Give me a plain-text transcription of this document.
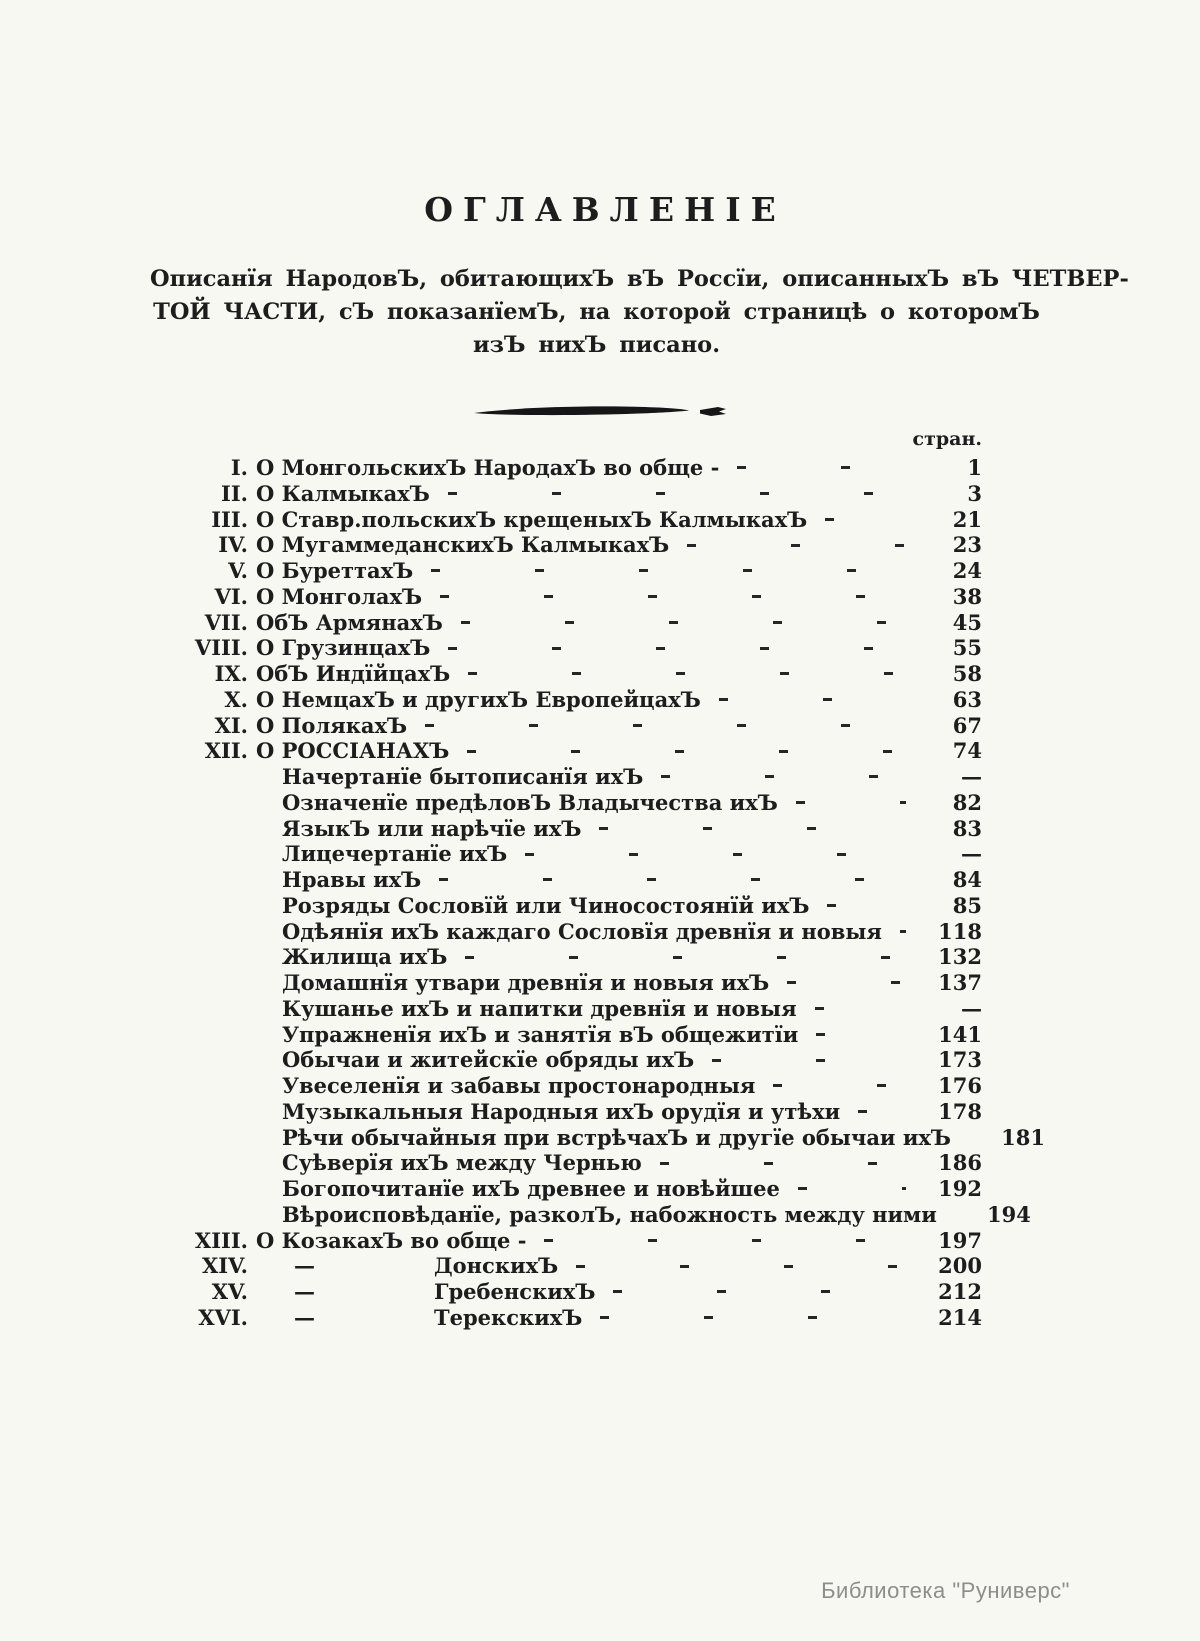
ОГЛАВЛЕНІЕ
Описанїя НародовЪ, обитающихЪ вЪ Россїи, описанныхЪ вЪ ЧЕТВЕР-
ТОЙ ЧАСТИ, сЪ показанїемЪ, на которой страницѣ о которомЪ
изЪ нихЪ писано.
стран.
I. О МонгольскихЪ НародахЪ во обще -	1
II. О КалмыкахЪ	3
III. О Ставр.польскихЪ крещеныхЪ КалмыкахЪ	21
IV. О МугаммеданскихЪ КалмыкахЪ	23
V. О БуреттахЪ	24
VI. О МонголахЪ	38
VII. ОбЪ АрмянахЪ	45
VIII. О ГрузинцахЪ	55
IX. ОбЪ ИндїйцахЪ	58
X. О НемцахЪ и другихЪ ЕвропейцахЪ	63
XI. О ПолякахЪ	67
XII. О РОССІАНАХЪ	74
Начертанїе бытописанїя ихЪ	—
Означенїе предѣловЪ Владычества ихЪ	82
ЯзыкЪ или нарѣчїе ихЪ	83
Лицечертанїе ихЪ	—
Нравы ихЪ	84
Розряды Сословїй или Чиносостоянїй ихЪ	85
Одѣянїя ихЪ каждаго Сословїя древнїя и новыя	118
Жилища ихЪ	132
Домашнїя утвари древнїя и новыя ихЪ	137
Кушанье ихЪ и напитки древнїя и новыя	—
Упражненїя ихЪ и занятїя вЪ общежитїи	141
Обычаи и житейскїе обряды ихЪ	173
Увеселенїя и забавы простонародныя	176
Музыкальныя Народныя ихЪ орудїя и утѣхи	178
Рѣчи обычайныя при встрѣчахЪ и другїе обычаи ихЪ	181
Суѣверїя ихЪ между Чернью	186
Богопочитанїе ихЪ древнее и новѣйшее	192
Вѣроисповѣданїе, разколЪ, набожность между ними	194
XIII. О КозакахЪ во обще -	197
XIV.	—	ДонскихЪ	200
XV.	—	ГребенскихЪ	212
XVI.	—	ТерекскихЪ	214
Библиотека "Руниверс"
